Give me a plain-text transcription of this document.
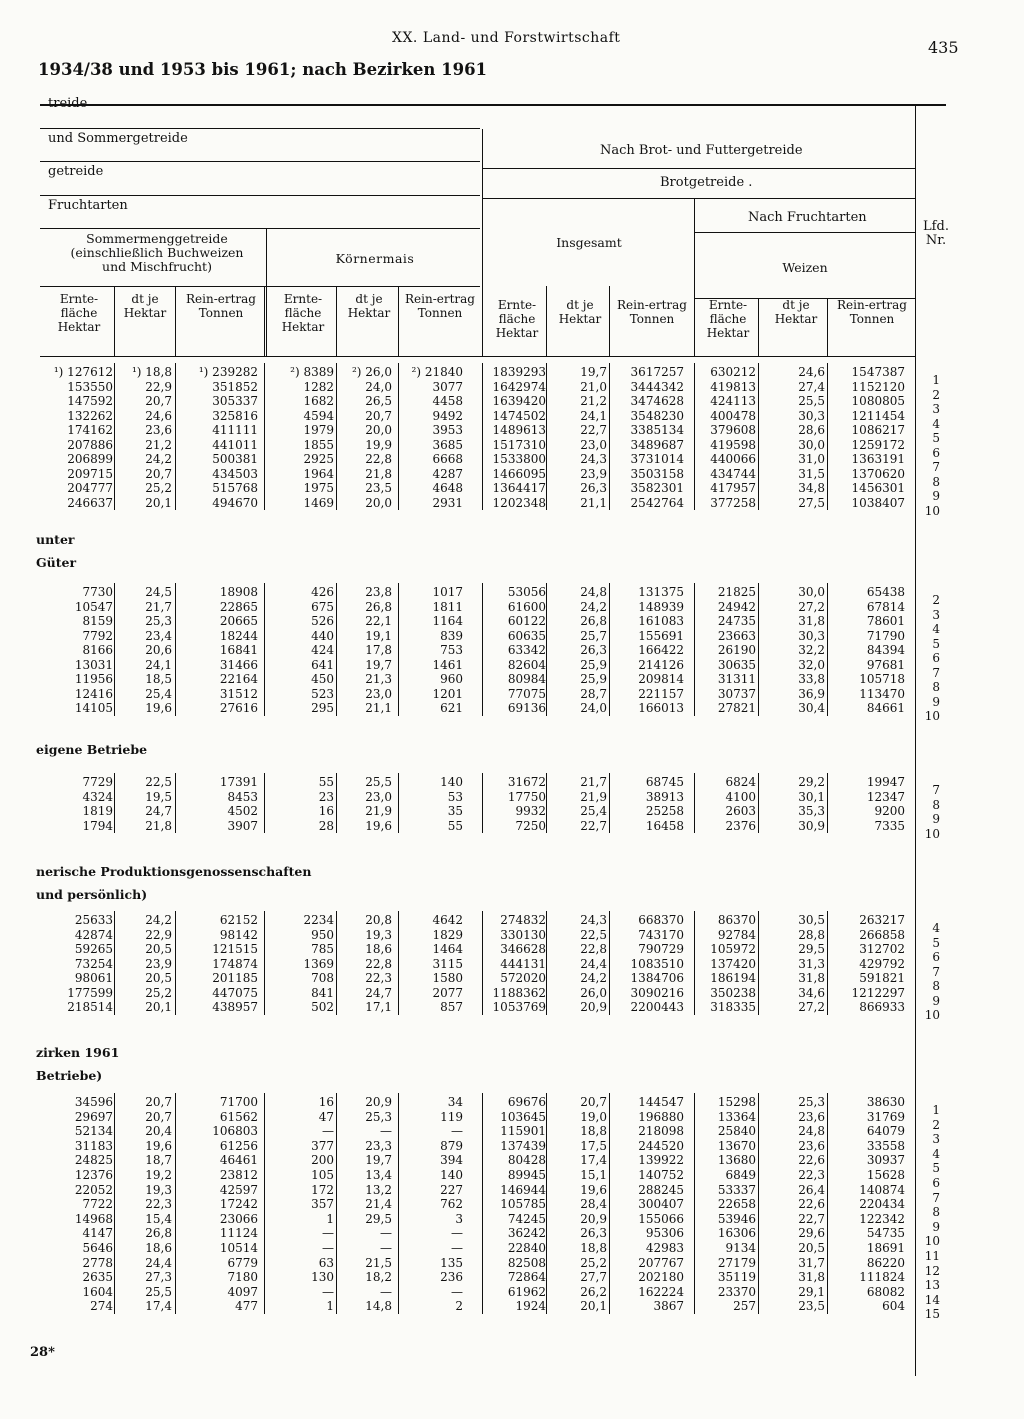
XX. Land- und Forstwirtschaft	435
1934/38 und 1953 bis 1961; nach Bezirken 1961
treide
und Sommergetreide
getreide
Fruchtarten
Nach Brot- und Futtergetreide
Brotgetreide .
Nach Fruchtarten
Lfd. Nr.
Sommermenggetreide (einschließlich Buchweizen und Mischfrucht)
Körnermais
Insgesamt
Weizen
Ernte-fläche Hektar
dt je Hektar
Rein-ertrag Tonnen
Ernte-fläche Hektar
dt je Hektar
Rein-ertrag Tonnen
Ernte-fläche Hektar
dt je Hektar
Rein-ertrag Tonnen
Ernte-fläche Hektar
dt je Hektar
Rein-ertrag Tonnen
¹) 127612
153550
147592
132262
174162
207886
206899
209715
204777
246637
¹) 18,8
22,9
20,7
24,6
23,6
21,2
24,2
20,7
25,2
20,1
¹) 239282
351852
305337
325816
411111
441011
500381
434503
515768
494670
²) 8389
1282
1682
4594
1979
1855
2925
1964
1975
1469
²) 26,0
24,0
26,5
20,7
20,0
19,9
22,8
21,8
23,5
20,0
²) 21840
3077
4458
9492
3953
3685
6668
4287
4648
2931
1839293
1642974
1639420
1474502
1489613
1517310
1533800
1466095
1364417
1202348
19,7
21,0
21,2
24,1
22,7
23,0
24,3
23,9
26,3
21,1
3617257
3444342
3474628
3548230
3385134
3489687
3731014
3503158
3582301
2542764
630212
419813
424113
400478
379608
419598
440066
434744
417957
377258
24,6
27,4
25,5
30,3
28,6
30,0
31,0
31,5
34,8
27,5
1547387
1152120
1080805
1211454
1086217
1259172
1363191
1370620
1456301
1038407
1
2
3
4
5
6
7
8
9
10
unter
Güter
7730
10547
8159
7792
8166
13031
11956
12416
14105
24,5
21,7
25,3
23,4
20,6
24,1
18,5
25,4
19,6
18908
22865
20665
18244
16841
31466
22164
31512
27616
426
675
526
440
424
641
450
523
295
23,8
26,8
22,1
19,1
17,8
19,7
21,3
23,0
21,1
1017
1811
1164
839
753
1461
960
1201
621
53056
61600
60122
60635
63342
82604
80984
77075
69136
24,8
24,2
26,8
25,7
26,3
25,9
25,9
28,7
24,0
131375
148939
161083
155691
166422
214126
209814
221157
166013
21825
24942
24735
23663
26190
30635
31311
30737
27821
30,0
27,2
31,8
30,3
32,2
32,0
33,8
36,9
30,4
65438
67814
78601
71790
84394
97681
105718
113470
84661
2
3
4
5
6
7
8
9
10
eigene Betriebe
7729
4324
1819
1794
22,5
19,5
24,7
21,8
17391
8453
4502
3907
55
23
16
28
25,5
23,0
21,9
19,6
140
53
35
55
31672
17750
9932
7250
21,7
21,9
25,4
22,7
68745
38913
25258
16458
6824
4100
2603
2376
29,2
30,1
35,3
30,9
19947
12347
9200
7335
7
8
9
10
nerische Produktionsgenossenschaften
und persönlich)
25633
42874
59265
73254
98061
177599
218514
24,2
22,9
20,5
23,9
20,5
25,2
20,1
62152
98142
121515
174874
201185
447075
438957
2234
950
785
1369
708
841
502
20,8
19,3
18,6
22,8
22,3
24,7
17,1
4642
1829
1464
3115
1580
2077
857
274832
330130
346628
444131
572020
1188362
1053769
24,3
22,5
22,8
24,4
24,2
26,0
20,9
668370
743170
790729
1083510
1384706
3090216
2200443
86370
92784
105972
137420
186194
350238
318335
30,5
28,8
29,5
31,3
31,8
34,6
27,2
263217
266858
312702
429792
591821
1212297
866933
4
5
6
7
8
9
10
zirken 1961
Betriebe)
34596
29697
52134
31183
24825
12376
22052
7722
14968
4147
5646
2778
2635
1604
274
20,7
20,7
20,4
19,6
18,7
19,2
19,3
22,3
15,4
26,8
18,6
24,4
27,3
25,5
17,4
71700
61562
106803
61256
46461
23812
42597
17242
23066
11124
10514
6779
7180
4097
477
16
47
—
377
200
105
172
357
1
—
—
63
130
—
1
20,9
25,3
—
23,3
19,7
13,4
13,2
21,4
29,5
—
—
21,5
18,2
—
14,8
34
119
—
879
394
140
227
762
3
—
—
135
236
—
2
69676
103645
115901
137439
80428
89945
146944
105785
74245
36242
22840
82508
72864
61962
1924
20,7
19,0
18,8
17,5
17,4
15,1
19,6
28,4
20,9
26,3
18,8
25,2
27,7
26,2
20,1
144547
196880
218098
244520
139922
140752
288245
300407
155066
95306
42983
207767
202180
162224
3867
15298
13364
25840
13670
13680
6849
53337
22658
53946
16306
9134
27179
35119
23370
257
25,3
23,6
24,8
23,6
22,6
22,3
26,4
22,6
22,7
29,6
20,5
31,7
31,8
29,1
23,5
38630
31769
64079
33558
30937
15628
140874
220434
122342
54735
18691
86220
111824
68082
604
1
2
3
4
5
6
7
8
9
10
11
12
13
14
15
28*
